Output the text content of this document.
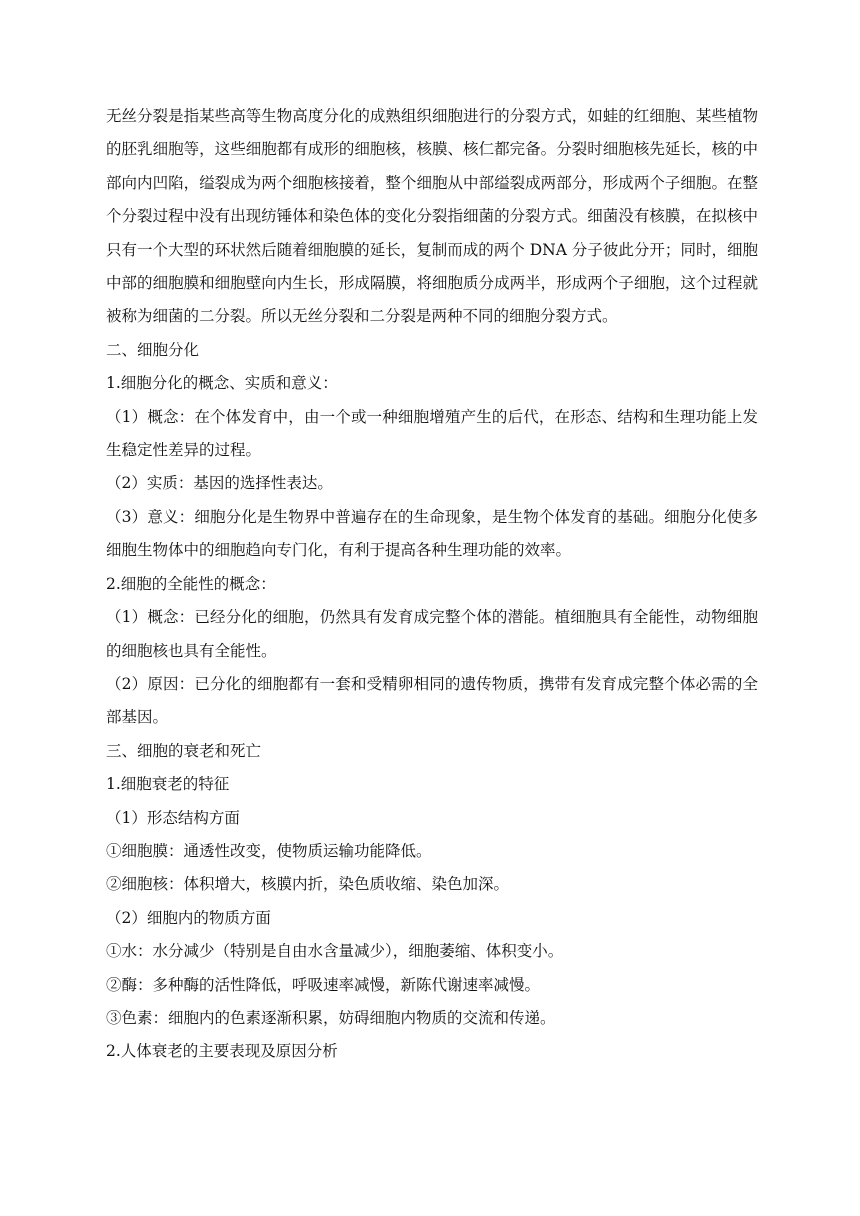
无丝分裂是指某些高等生物高度分化的成熟组织细胞进行的分裂方式，如蛙的红细胞、某些植物的胚乳细胞等，这些细胞都有成形的细胞核，核膜、核仁都完备。分裂时细胞核先延长，核的中部向内凹陷，缢裂成为两个细胞核接着，整个细胞从中部缢裂成两部分，形成两个子细胞。在整个分裂过程中没有出现纺锤体和染色体的变化分裂指细菌的分裂方式。细菌没有核膜，在拟核中只有一个大型的环状然后随着细胞膜的延长，复制而成的两个 DNA 分子彼此分开；同时，细胞中部的细胞膜和细胞壁向内生长，形成隔膜，将细胞质分成两半，形成两个子细胞，这个过程就被称为细菌的二分裂。所以无丝分裂和二分裂是两种不同的细胞分裂方式。

二、细胞分化

1.细胞分化的概念、实质和意义：

（1）概念：在个体发育中，由一个或一种细胞增殖产生的后代，在形态、结构和生理功能上发生稳定性差异的过程。

（2）实质：基因的选择性表达。

（3）意义：细胞分化是生物界中普遍存在的生命现象，是生物个体发育的基础。细胞分化使多细胞生物体中的细胞趋向专门化，有利于提高各种生理功能的效率。

2.细胞的全能性的概念：

（1）概念：已经分化的细胞，仍然具有发育成完整个体的潜能。植细胞具有全能性，动物细胞的细胞核也具有全能性。

（2）原因：已分化的细胞都有一套和受精卵相同的遗传物质，携带有发育成完整个体必需的全部基因。

三、细胞的衰老和死亡

1.细胞衰老的特征

（1）形态结构方面

①细胞膜：通透性改变，使物质运输功能降低。

②细胞核：体积增大，核膜内折，染色质收缩、染色加深。

（2）细胞内的物质方面

①水：水分减少（特别是自由水含量减少），细胞萎缩、体积变小。

②酶：多种酶的活性降低，呼吸速率减慢，新陈代谢速率减慢。

③色素：细胞内的色素逐渐积累，妨碍细胞内物质的交流和传递。

2.人体衰老的主要表现及原因分析
